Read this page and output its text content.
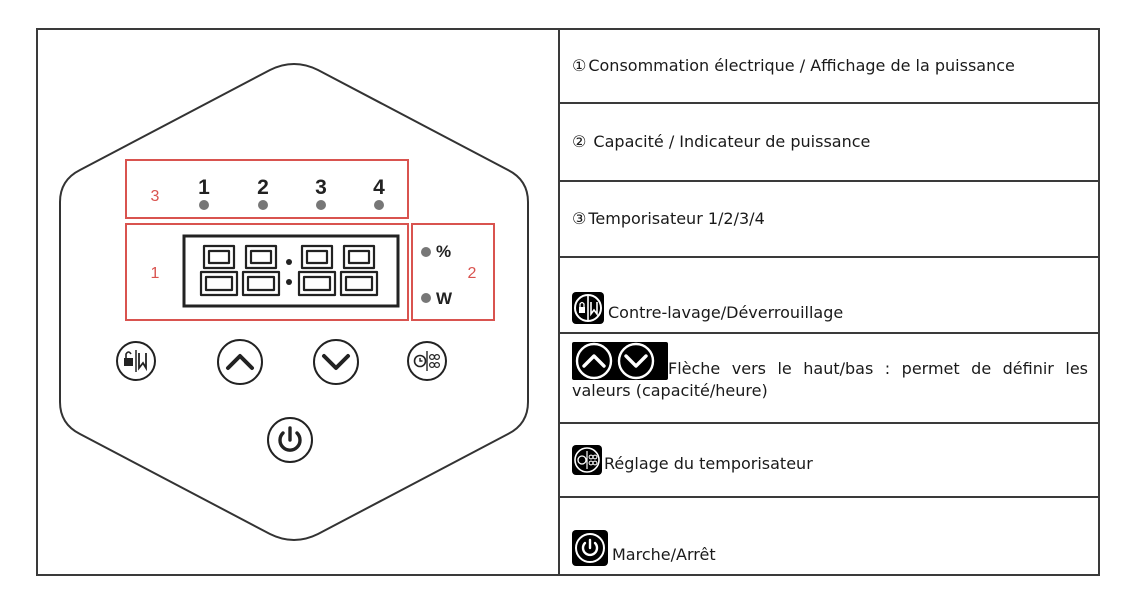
3 1 2 3 4
1
%
W
2
① Consommation électrique / Affichage de la puissance
② Capacité / Indicateur de puissance
③ Temporisateur 1/2/3/4
Contre-lavage/Déverrouillage
Flèche vers le haut/bas : permet de définir les valeurs (capacité/heure)
Réglage du temporisateur
Marche/Arrêt
